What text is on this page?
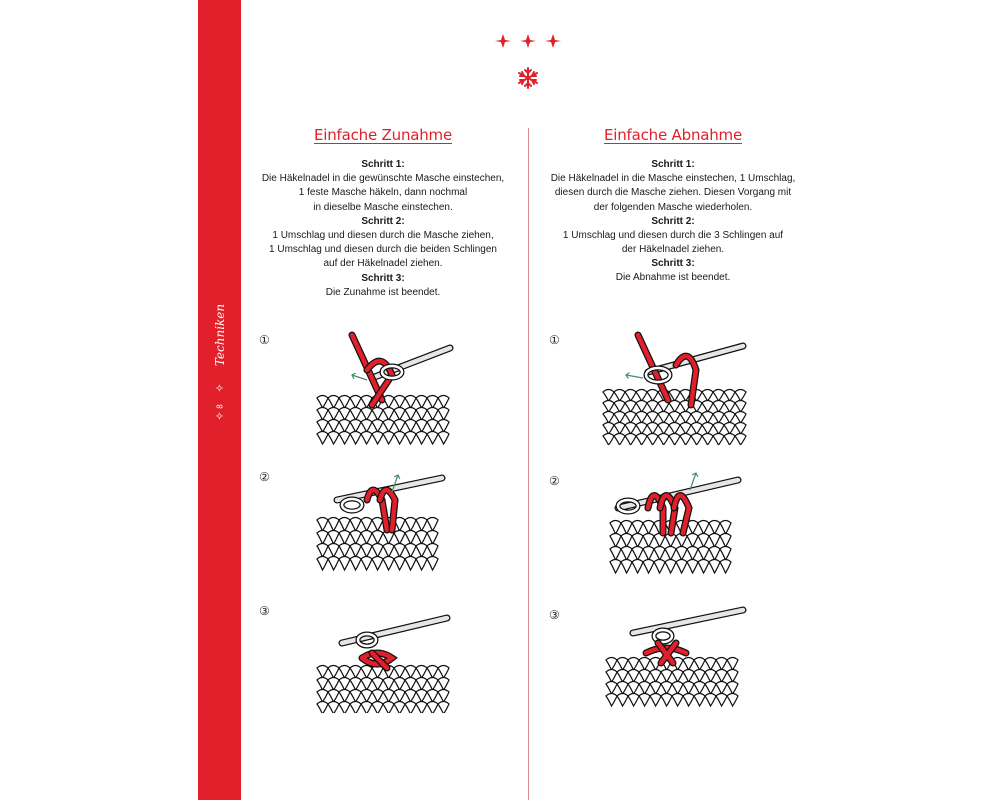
Techniken
✧
8
✧
Einfache Zunahme
Schritt 1:
Die Häkelnadel in die gewünschte Masche einstechen,
1 feste Masche häkeln, dann nochmal
in dieselbe Masche einstechen.
Schritt 2:
1 Umschlag und diesen durch die Masche ziehen,
1 Umschlag und diesen durch die beiden Schlingen
auf der Häkelnadel ziehen.
Schritt 3:
Die Zunahme ist beendet.
Einfache Abnahme
Schritt 1:
Die Häkelnadel in die Masche einstechen, 1 Umschlag,
diesen durch die Masche ziehen. Diesen Vorgang mit
der folgenden Masche wiederholen.
Schritt 2:
1 Umschlag und diesen durch die 3 Schlingen auf
der Häkelnadel ziehen.
Schritt 3:
Die Abnahme ist beendet.
①
②
③
①
②
③
